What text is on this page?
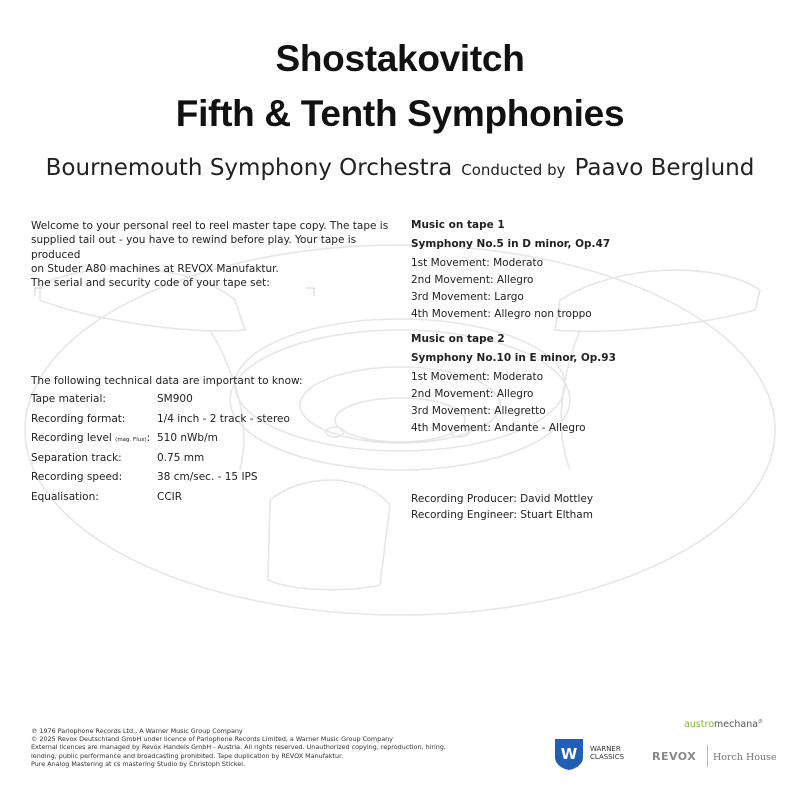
Shostakovitch
Fifth & Tenth Symphonies
Bournemouth Symphony Orchestra Conducted by Paavo Berglund
Welcome to your personal reel to reel master tape copy. The tape is
supplied tail out - you have to rewind before play. Your tape is produced
on Studer A80 machines at REVOX Manufaktur.
The serial and security code of your tape set:
The following technical data are important to know:
Tape material:	SM900
Recording format:	1/4 inch - 2 track - stereo
Recording level (mag. Flux): 510 nWb/m
Separation track:	0.75 mm
Recording speed:	38 cm/sec. - 15 IPS
Equalisation:	CCIR
Music on tape 1
Symphony No.5 in D minor, Op.47
1st Movement: Moderato
2nd Movement: Allegro
3rd Movement: Largo
4th Movement: Allegro non troppo
Music on tape 2
Symphony No.10 in E minor, Op.93
1st Movement: Moderato
2nd Movement: Allegro
3rd Movement: Allegretto
4th Movement: Andante - Allegro
Recording Producer: David Mottley
Recording Engineer: Stuart Eltham
℗ 1976 Parlophone Records Ltd., A Warner Music Group Company
© 2025 Revox Deutschland GmbH under licence of Parlophone Records Limited, a Warner Music Group Company
External licences are managed by Revox Handels GmbH - Austria. All rights reserved. Unauthorized copying, reproduction, hiring,
lending, public performance and broadcasting prohibited. Tape duplication by REVOX Manufaktur.
Pure Analog Mastering at cs mastering Studio by Christoph Stickel.
austromechana®
W WARNER
CLASSICS	REVOX Horch House
